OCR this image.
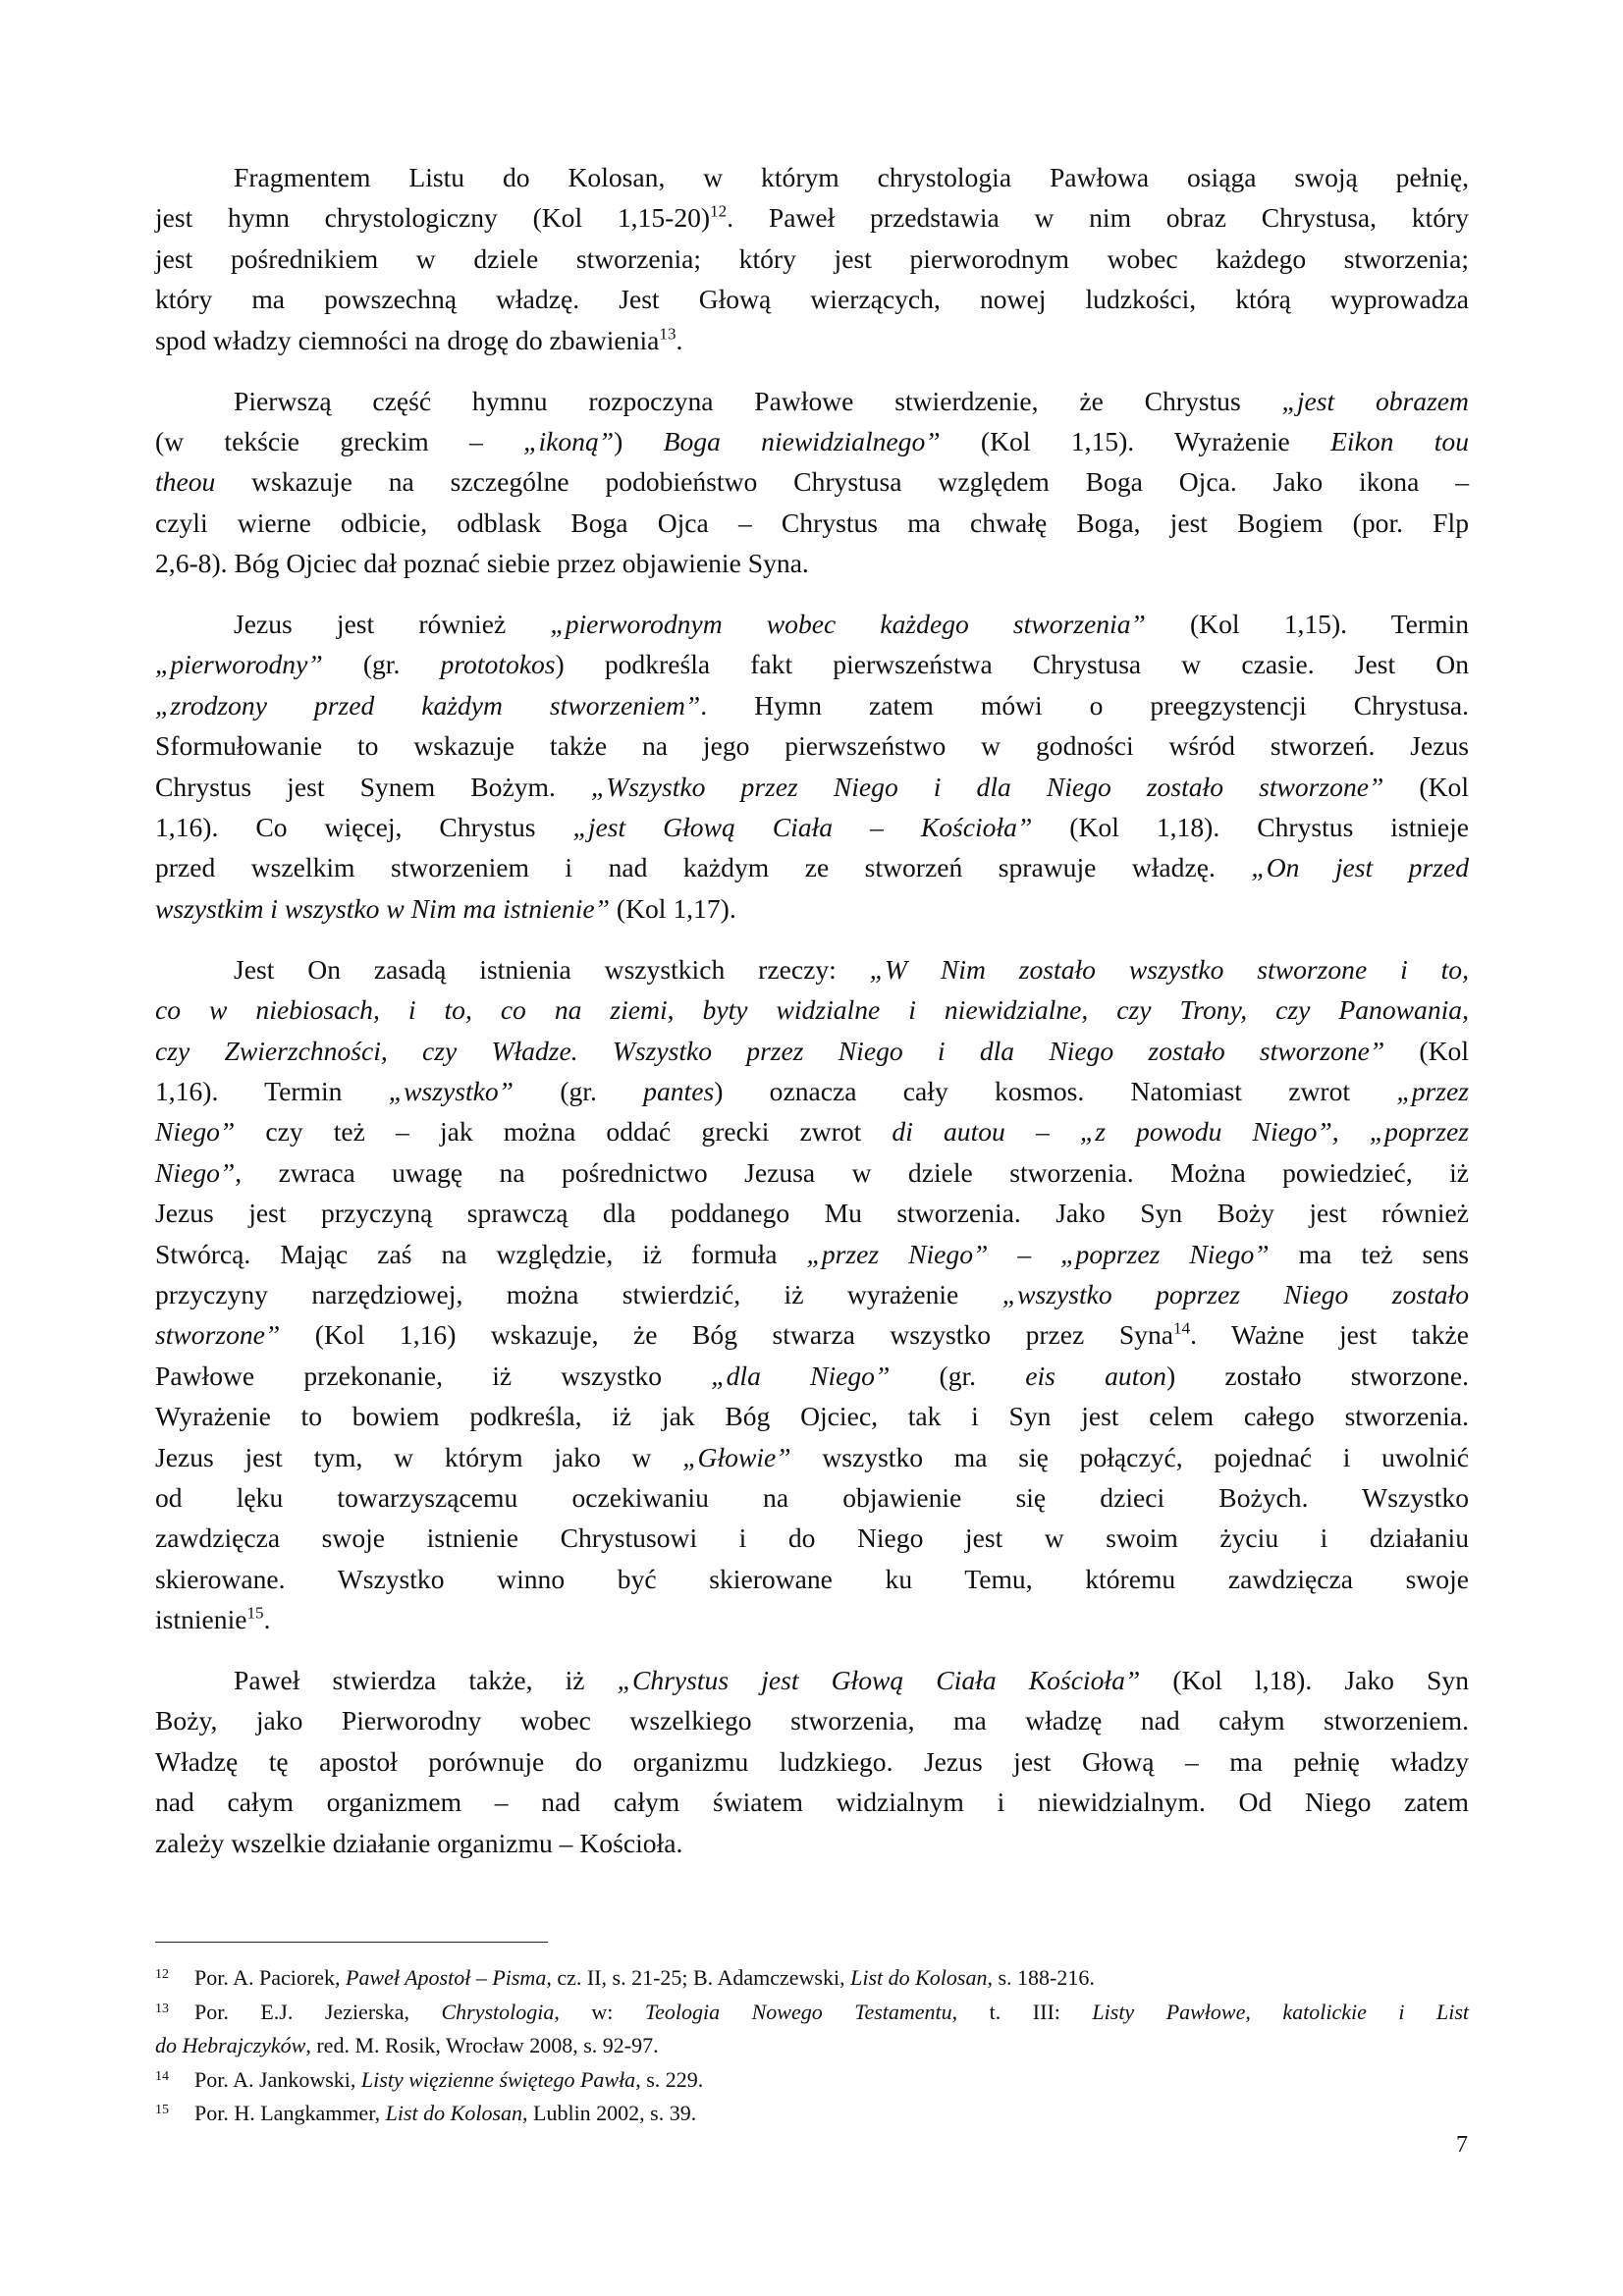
Fragmentem Listu do Kolosan, w którym chrystologia Pawłowa osiąga swoją pełnię,
jest hymn chrystologiczny (Kol 1,15-20)$^{12}$. Paweł przedstawia w nim obraz Chrystusa, który
jest pośrednikiem w dziele stworzenia; który jest pierworodnym wobec każdego stworzenia;
który ma powszechną władzę. Jest Głową wierzących, nowej ludzkości, którą wyprowadza
spod władzy ciemności na drogę do zbawienia$^{13}$.
Pierwszą część hymnu rozpoczyna Pawłowe stwierdzenie, że Chrystus „jest obrazem
(w tekście greckim – „ikoną”) Boga niewidzialnego” (Kol 1,15). Wyrażenie Eikon tou
theou wskazuje na szczególne podobieństwo Chrystusa względem Boga Ojca. Jako ikona –
czyli wierne odbicie, odblask Boga Ojca – Chrystus ma chwałę Boga, jest Bogiem (por. Flp
2,6-8). Bóg Ojciec dał poznać siebie przez objawienie Syna.
Jezus jest również „pierworodnym wobec każdego stworzenia” (Kol 1,15). Termin
„pierworodny” (gr. prototokos) podkreśla fakt pierwszeństwa Chrystusa w czasie. Jest On
„zrodzony przed każdym stworzeniem”. Hymn zatem mówi o preegzystencji Chrystusa.
Sformułowanie to wskazuje także na jego pierwszeństwo w godności wśród stworzeń. Jezus
Chrystus jest Synem Bożym. „Wszystko przez Niego i dla Niego zostało stworzone” (Kol
1,16). Co więcej, Chrystus „jest Głową Ciała – Kościoła” (Kol 1,18). Chrystus istnieje
przed wszelkim stworzeniem i nad każdym ze stworzeń sprawuje władzę. „On jest przed
wszystkim i wszystko w Nim ma istnienie” (Kol 1,17).
Jest On zasadą istnienia wszystkich rzeczy: „W Nim zostało wszystko stworzone i to,
co w niebiosach, i to, co na ziemi, byty widzialne i niewidzialne, czy Trony, czy Panowania,
czy Zwierzchności, czy Władze. Wszystko przez Niego i dla Niego zostało stworzone” (Kol
1,16). Termin „wszystko” (gr. pantes) oznacza cały kosmos. Natomiast zwrot „przez
Niego” czy też – jak można oddać grecki zwrot di autou – „z powodu Niego”, „poprzez
Niego”, zwraca uwagę na pośrednictwo Jezusa w dziele stworzenia. Można powiedzieć, iż
Jezus jest przyczyną sprawczą dla poddanego Mu stworzenia. Jako Syn Boży jest również
Stwórcą. Mając zaś na względzie, iż formuła „przez Niego” – „poprzez Niego” ma też sens
przyczyny narzędziowej, można stwierdzić, iż wyrażenie „wszystko poprzez Niego zostało
stworzone” (Kol 1,16) wskazuje, że Bóg stwarza wszystko przez Syna$^{14}$. Ważne jest także
Pawłowe przekonanie, iż wszystko „dla Niego” (gr. eis auton) zostało stworzone.
Wyrażenie to bowiem podkreśla, iż jak Bóg Ojciec, tak i Syn jest celem całego stworzenia.
Jezus jest tym, w którym jako w „Głowie” wszystko ma się połączyć, pojednać i uwolnić
od lęku towarzyszącemu oczekiwaniu na objawienie się dzieci Bożych. Wszystko
zawdzięcza swoje istnienie Chrystusowi i do Niego jest w swoim życiu i działaniu
skierowane. Wszystko winno być skierowane ku Temu, któremu zawdzięcza swoje
istnienie$^{15}$.
Paweł stwierdza także, iż „Chrystus jest Głową Ciała Kościoła” (Kol l,18). Jako Syn
Boży, jako Pierworodny wobec wszelkiego stworzenia, ma władzę nad całym stworzeniem.
Władzę tę apostoł porównuje do organizmu ludzkiego. Jezus jest Głową – ma pełnię władzy
nad całym organizmem – nad całym światem widzialnym i niewidzialnym. Od Niego zatem
zależy wszelkie działanie organizmu – Kościoła.
12 Por. A. Paciorek, Paweł Apostoł – Pisma, cz. II, s. 21-25; B. Adamczewski, List do Kolosan, s. 188-216.
13 Por. E.J. Jezierska, Chrystologia, w: Teologia Nowego Testamentu, t. III: Listy Pawłowe, katolickie i List
do Hebrajczyków, red. M. Rosik, Wrocław 2008, s. 92-97.
14 Por. A. Jankowski, Listy więzienne świętego Pawła, s. 229.
15 Por. H. Langkammer, List do Kolosan, Lublin 2002, s. 39.
7
